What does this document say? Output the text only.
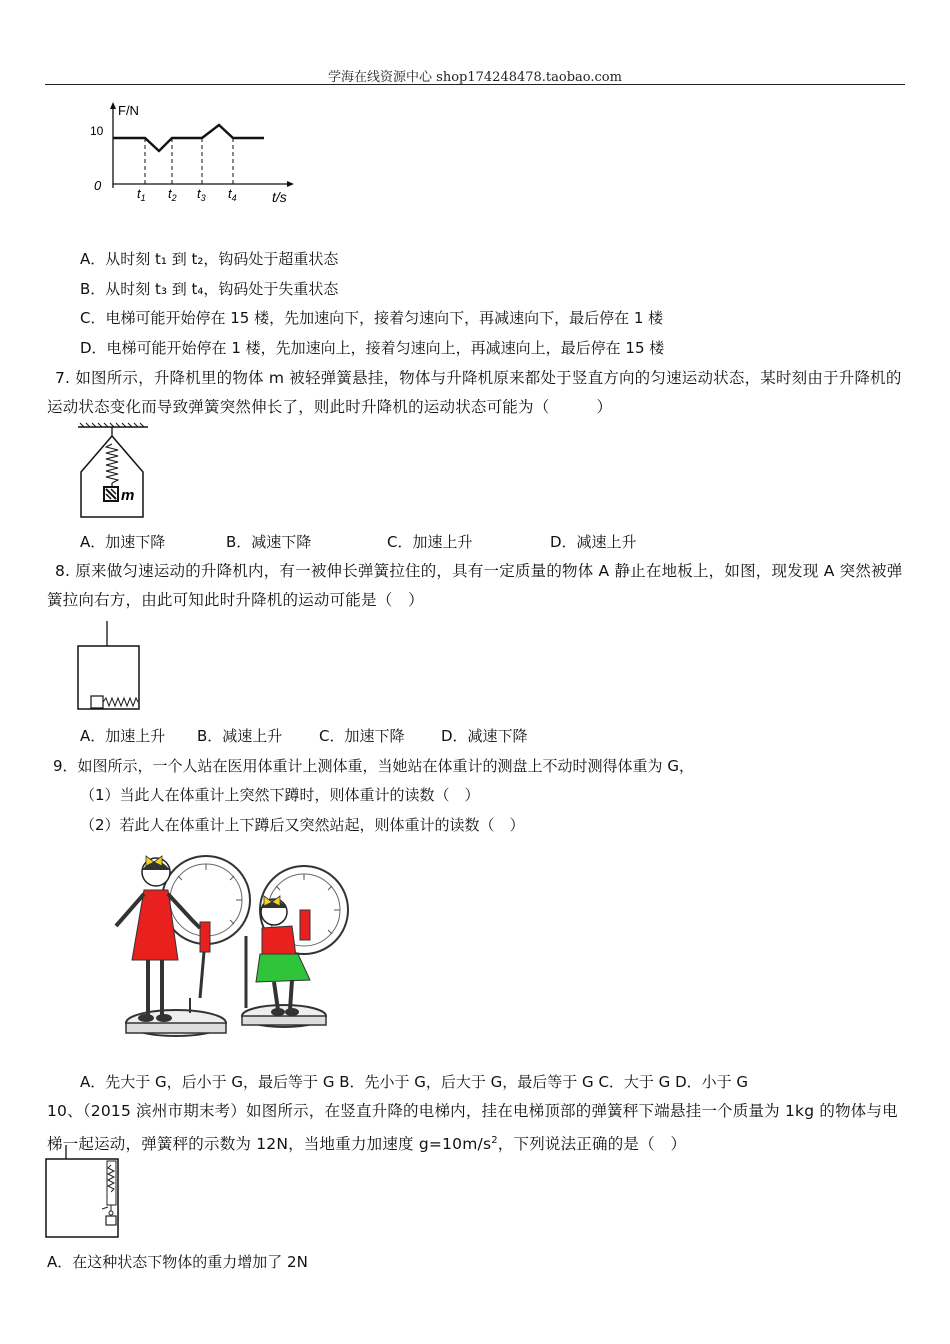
学海在线资源中心 shop174248478.taobao.com
F/N
t/s
0
10
$t_1$ $t_2$ $t_3$ $t_4$
A．从时刻 t₁ 到 t₂，钩码处于超重状态
B．从时刻 t₃ 到 t₄，钩码处于失重状态
C．电梯可能开始停在 15 楼，先加速向下，接着匀速向下，再减速向下，最后停在 1 楼
D．电梯可能开始停在 1 楼，先加速向上，接着匀速向上，再减速向上，最后停在 15 楼
7. 如图所示，升降机里的物体 m 被轻弹簧悬挂，物体与升降机原来都处于竖直方向的匀速运动状态，某时刻由于升降机的运动状态变化而导致弹簧突然伸长了，则此时升降机的运动状态可能为（　　　）
m
A．加速下降	B．减速下降	C．加速上升	D．减速上升
8. 原来做匀速运动的升降机内，有一被伸长弹簧拉住的，具有一定质量的物体 A 静止在地板上，如图，现发现 A 突然被弹簧拉向右方，由此可知此时升降机的运动可能是（　）
A．加速上升 B．减速上升 C．加速下降 D．减速下降
9．如图所示，一个人站在医用体重计上测体重，当她站在体重计的测盘上不动时测得体重为 G，
（1）当此人在体重计上突然下蹲时，则体重计的读数（　）
（2）若此人在体重计上下蹲后又突然站起，则体重计的读数（　）
A．先大于 G，后小于 G，最后等于 G B．先小于 G，后大于 G，最后等于 G C．大于 G D．小于 G
10、（2015 滨州市期末考）如图所示，在竖直升降的电梯内，挂在电梯顶部的弹簧秤下端悬挂一个质量为 1kg 的物体与电梯一起运动，弹簧秤的示数为 12N，当地重力加速度 $g=10m/s^2$，下列说法正确的是（　）
A．在这种状态下物体的重力增加了 2N
